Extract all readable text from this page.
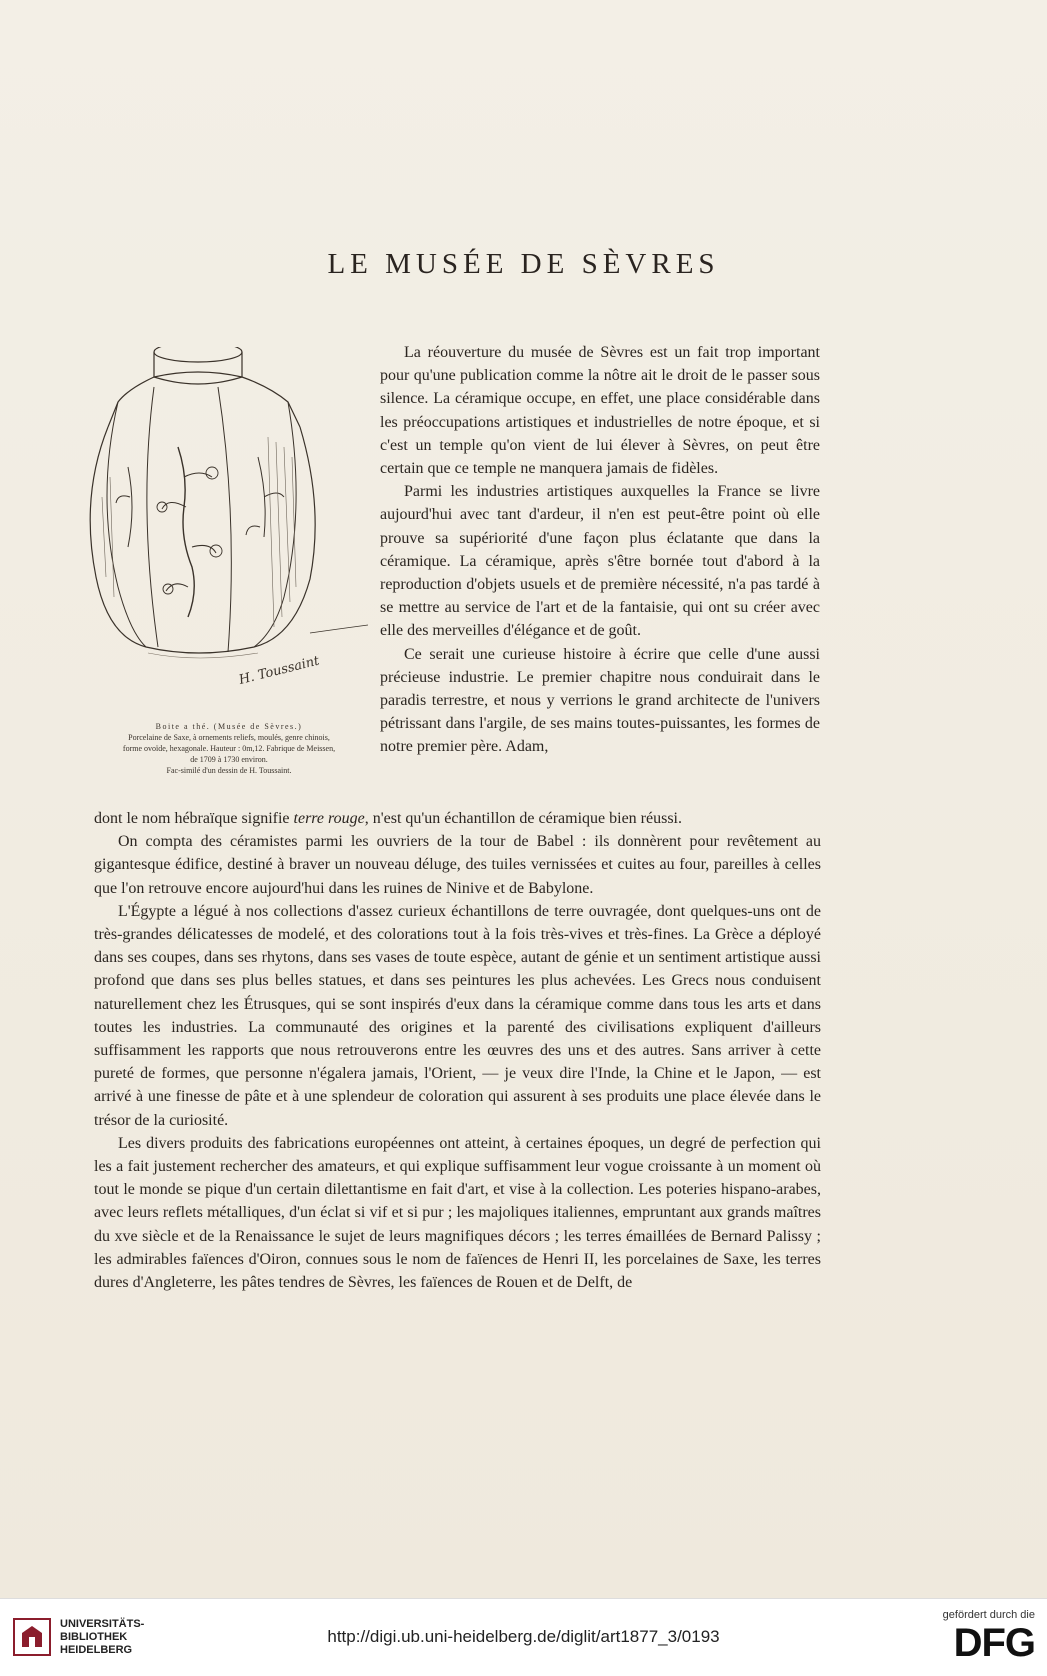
LE MUSÉE DE SÈVRES
H. Toussaint
Boite a thé. (Musée de Sèvres.)
Porcelaine de Saxe, à ornements reliefs, moulés, genre chinois,
forme ovoïde, hexagonale. Hauteur : 0m,12. Fabrique de Meissen,
de 1709 à 1730 environ.
Fac-similé d'un dessin de H. Toussaint.

La réouverture du musée de Sèvres est un fait trop important pour qu'une publication comme la nôtre ait le droit de le passer sous silence. La céramique occupe, en effet, une place considérable dans les préoccupations artistiques et industrielles de notre époque, et si c'est un temple qu'on vient de lui élever à Sèvres, on peut être certain que ce temple ne manquera jamais de fidèles.

Parmi les industries artistiques auxquelles la France se livre aujourd'hui avec tant d'ardeur, il n'en est peut-être point où elle prouve sa supériorité d'une façon plus éclatante que dans la céramique. La céramique, après s'être bornée tout d'abord à la reproduction d'objets usuels et de première nécessité, n'a pas tardé à se mettre au service de l'art et de la fantaisie, qui ont su créer avec elle des merveilles d'élégance et de goût.

Ce serait une curieuse histoire à écrire que celle d'une aussi précieuse industrie. Le premier chapitre nous conduirait dans le paradis terrestre, et nous y verrions le grand architecte de l'univers pétrissant dans l'argile, de ses mains toutes-puissantes, les formes de notre premier père. Adam,

dont le nom hébraïque signifie terre rouge, n'est qu'un échantillon de céramique bien réussi.

On compta des céramistes parmi les ouvriers de la tour de Babel : ils donnèrent pour revêtement au gigantesque édifice, destiné à braver un nouveau déluge, des tuiles vernissées et cuites au four, pareilles à celles que l'on retrouve encore aujourd'hui dans les ruines de Ninive et de Babylone.

L'Égypte a légué à nos collections d'assez curieux échantillons de terre ouvragée, dont quelques-uns ont de très-grandes délicatesses de modelé, et des colorations tout à la fois très-vives et très-fines. La Grèce a déployé dans ses coupes, dans ses rhytons, dans ses vases de toute espèce, autant de génie et un sentiment artistique aussi profond que dans ses plus belles statues, et dans ses peintures les plus achevées. Les Grecs nous conduisent naturellement chez les Étrusques, qui se sont inspirés d'eux dans la céramique comme dans tous les arts et dans toutes les industries. La communauté des origines et la parenté des civilisations expliquent d'ailleurs suffisamment les rapports que nous retrouverons entre les œuvres des uns et des autres. Sans arriver à cette pureté de formes, que personne n'égalera jamais, l'Orient, — je veux dire l'Inde, la Chine et le Japon, — est arrivé à une finesse de pâte et à une splendeur de coloration qui assurent à ses produits une place élevée dans le trésor de la curiosité.

Les divers produits des fabrications européennes ont atteint, à certaines époques, un degré de perfection qui les a fait justement rechercher des amateurs, et qui explique suffisamment leur vogue croissante à un moment où tout le monde se pique d'un certain dilettantisme en fait d'art, et vise à la collection. Les poteries hispano-arabes, avec leurs reflets métalliques, d'un éclat si vif et si pur ; les majoliques italiennes, empruntant aux grands maîtres du xve siècle et de la Renaissance le sujet de leurs magnifiques décors ; les terres émaillées de Bernard Palissy ; les admirables faïences d'Oiron, connues sous le nom de faïences de Henri II, les porcelaines de Saxe, les terres dures d'Angleterre, les pâtes tendres de Sèvres, les faïences de Rouen et de Delft, de

UNIVERSITÄTS-
BIBLIOTHEK
HEIDELBERG
http://digi.ub.uni-heidelberg.de/diglit/art1877_3/0193
gefördert durch die
DFG
